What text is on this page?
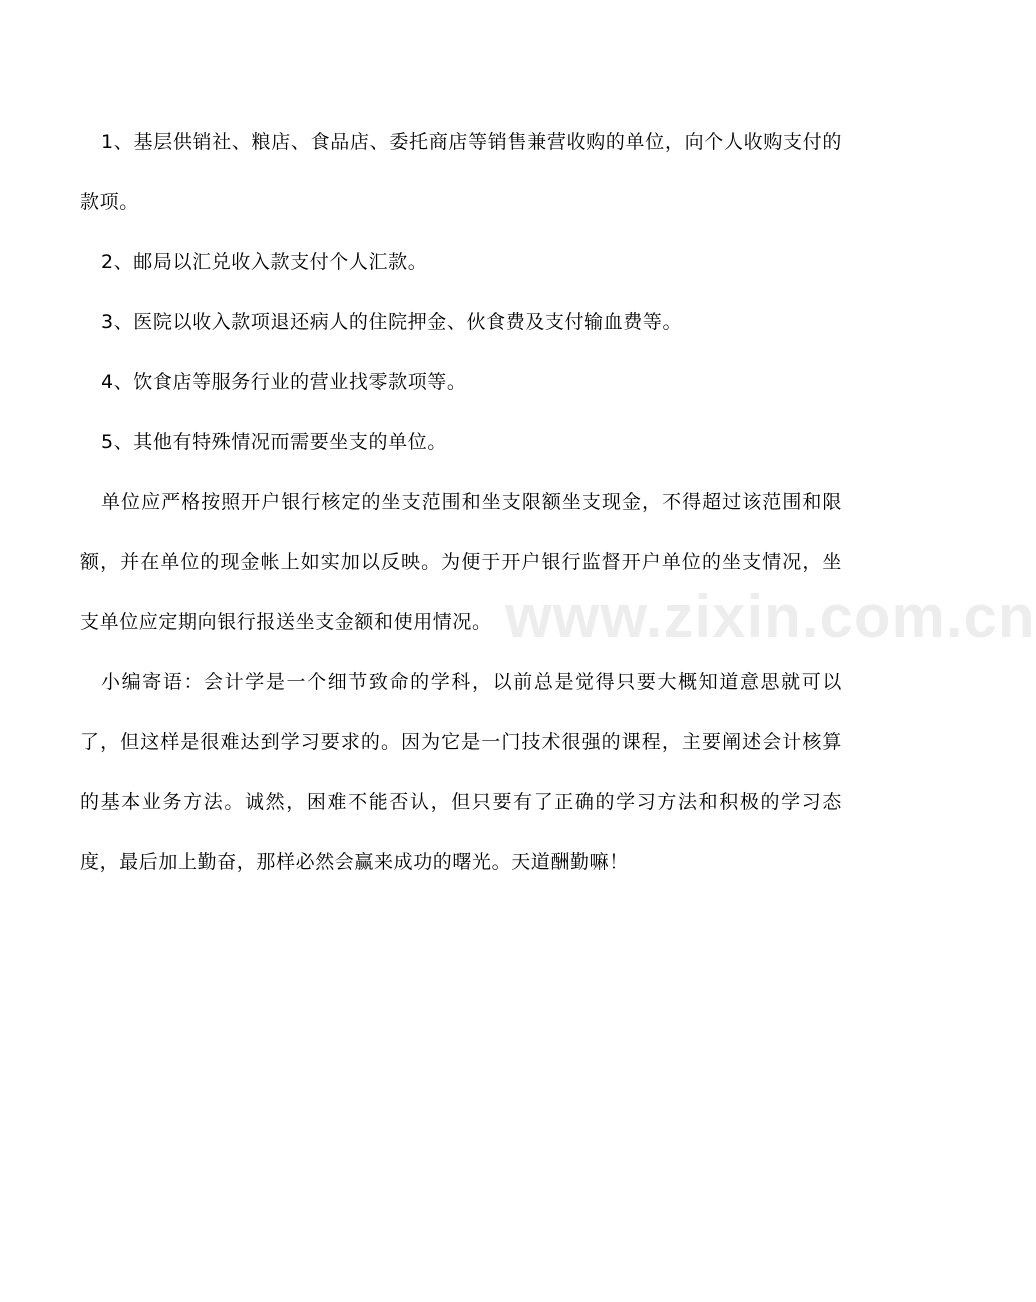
1、基层供销社、粮店、食品店、委托商店等销售兼营收购的单位，向个人收购支付的款项。

2、邮局以汇兑收入款支付个人汇款。

3、医院以收入款项退还病人的住院押金、伙食费及支付输血费等。

4、饮食店等服务行业的营业找零款项等。

5、其他有特殊情况而需要坐支的单位。

单位应严格按照开户银行核定的坐支范围和坐支限额坐支现金，不得超过该范围和限额，并在单位的现金帐上如实加以反映。为便于开户银行监督开户单位的坐支情况，坐支单位应定期向银行报送坐支金额和使用情况。

小编寄语：会计学是一个细节致命的学科，以前总是觉得只要大概知道意思就可以了，但这样是很难达到学习要求的。因为它是一门技术很强的课程，主要阐述会计核算的基本业务方法。诚然，困难不能否认，但只要有了正确的学习方法和积极的学习态度，最后加上勤奋，那样必然会赢来成功的曙光。天道酬勤嘛！

www.zixin.com.cn
